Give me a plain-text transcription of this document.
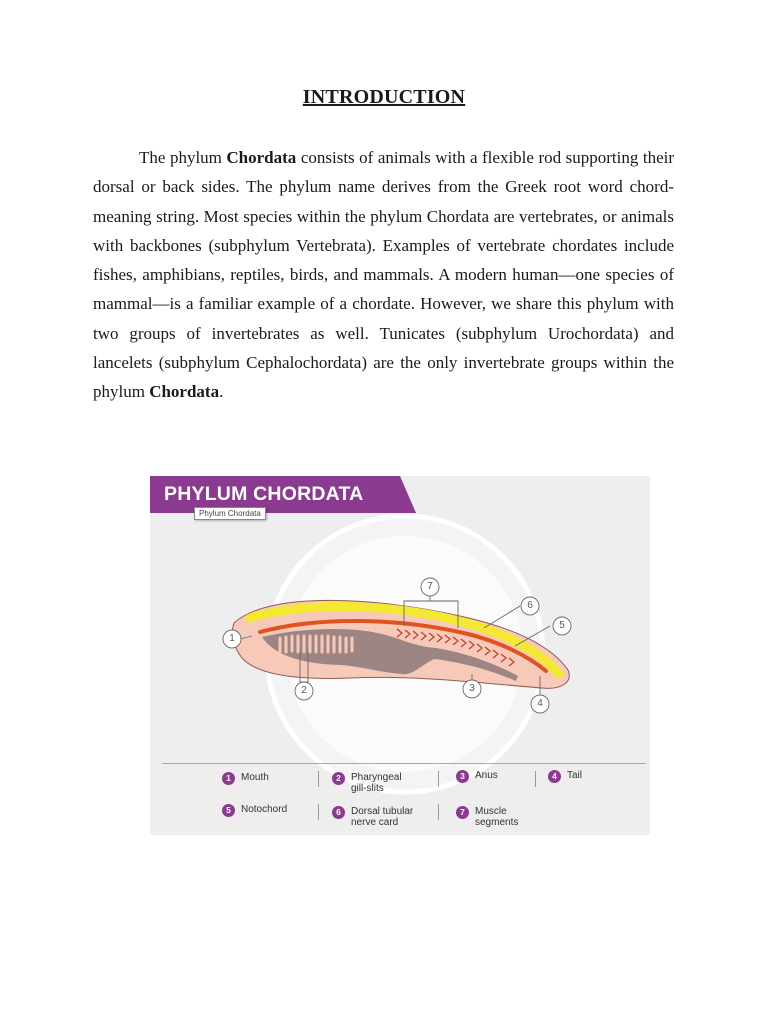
INTRODUCTION

The phylum Chordata consists of animals with a flexible rod supporting their dorsal or back sides. The phylum name derives from the Greek root word chord- meaning string. Most species within the phylum Chordata are vertebrates, or animals with backbones (subphylum Vertebrata). Examples of vertebrate chordates include fishes, amphibians, reptiles, birds, and mammals. A modern human—one species of mammal—is a familiar example of a chordate. However, we share this phylum with two groups of invertebrates as well. Tunicates (subphylum Urochordata) and lancelets (subphylum Cephalochordata) are the only invertebrate groups within the phylum Chordata.

PHYLUM CHORDATA
Phylum Chordata
1
2	3
4
5
6
7
1	Mouth	2	Pharyngeal
gill-slits
3	Anus	4	Tail
5	Notochord	6	Dorsal tubular
nerve card
7	Muscle
segments
